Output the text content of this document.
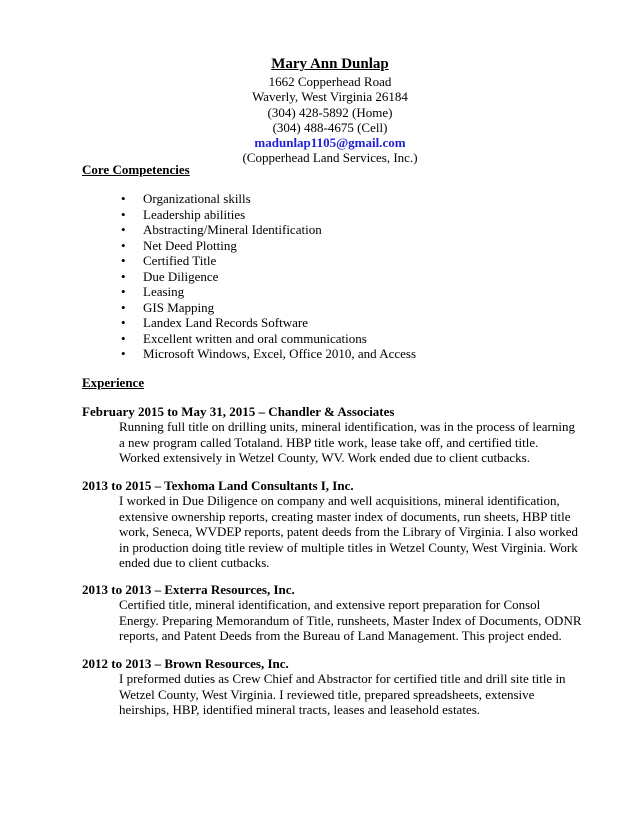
Mary Ann Dunlap
1662 Copperhead Road
Waverly, West Virginia 26184
(304) 428-5892 (Home)
(304) 488-4675 (Cell)
madunlap1105@gmail.com
(Copperhead Land Services, Inc.)
Core Competencies
• Organizational skills
• Leadership abilities
• Abstracting/Mineral Identification
• Net Deed Plotting
• Certified Title
• Due Diligence
• Leasing
• GIS Mapping
• Landex Land Records Software
• Excellent written and oral communications
• Microsoft Windows, Excel, Office 2010, and Access
Experience
February 2015 to May 31, 2015 – Chandler & Associates
Running full title on drilling units, mineral identification, was in the process of learning a new program called Totaland. HBP title work, lease take off, and certified title. Worked extensively in Wetzel County, WV. Work ended due to client cutbacks.
2013 to 2015 – Texhoma Land Consultants I, Inc.
I worked in Due Diligence on company and well acquisitions, mineral identification, extensive ownership reports, creating master index of documents, run sheets, HBP title work, Seneca, WVDEP reports, patent deeds from the Library of Virginia. I also worked in production doing title review of multiple titles in Wetzel County, West Virginia. Work ended due to client cutbacks.
2013 to 2013 – Exterra Resources, Inc.
Certified title, mineral identification, and extensive report preparation for Consol Energy. Preparing Memorandum of Title, runsheets, Master Index of Documents, ODNR reports, and Patent Deeds from the Bureau of Land Management. This project ended.
2012 to 2013 – Brown Resources, Inc.
I preformed duties as Crew Chief and Abstractor for certified title and drill site title in Wetzel County, West Virginia. I reviewed title, prepared spreadsheets, extensive heirships, HBP, identified mineral tracts, leases and leasehold estates.
